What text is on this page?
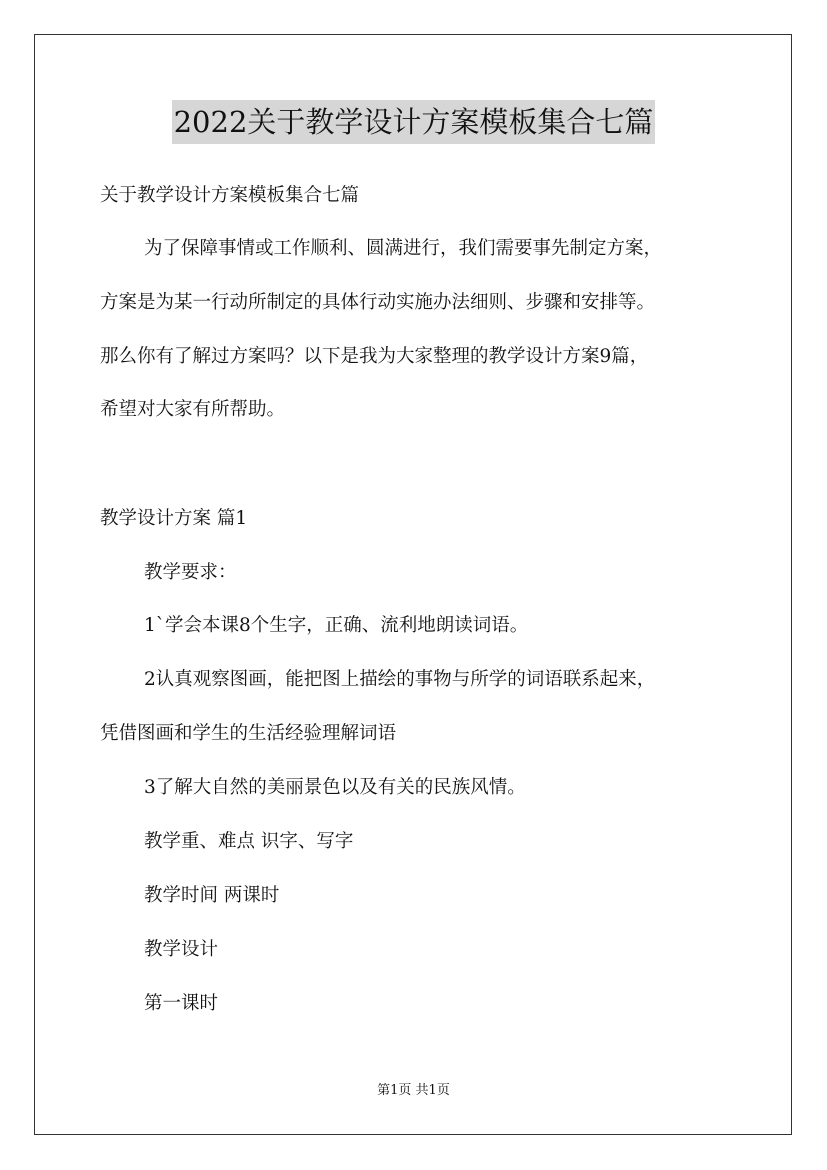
2022关于教学设计方案模板集合七篇

关于教学设计方案模板集合七篇

为了保障事情或工作顺利、圆满进行，我们需要事先制定方案，

方案是为某一行动所制定的具体行动实施办法细则、步骤和安排等。

那么你有了解过方案吗？以下是我为大家整理的教学设计方案9篇，

希望对大家有所帮助。

教学设计方案 篇1

教学要求：

1`学会本课8个生字，正确、流利地朗读词语。

2认真观察图画，能把图上描绘的事物与所学的词语联系起来，

凭借图画和学生的生活经验理解词语

3了解大自然的美丽景色以及有关的民族风情。

教学重、难点 识字、写字

教学时间 两课时

教学设计

第一课时

第1页 共1页
